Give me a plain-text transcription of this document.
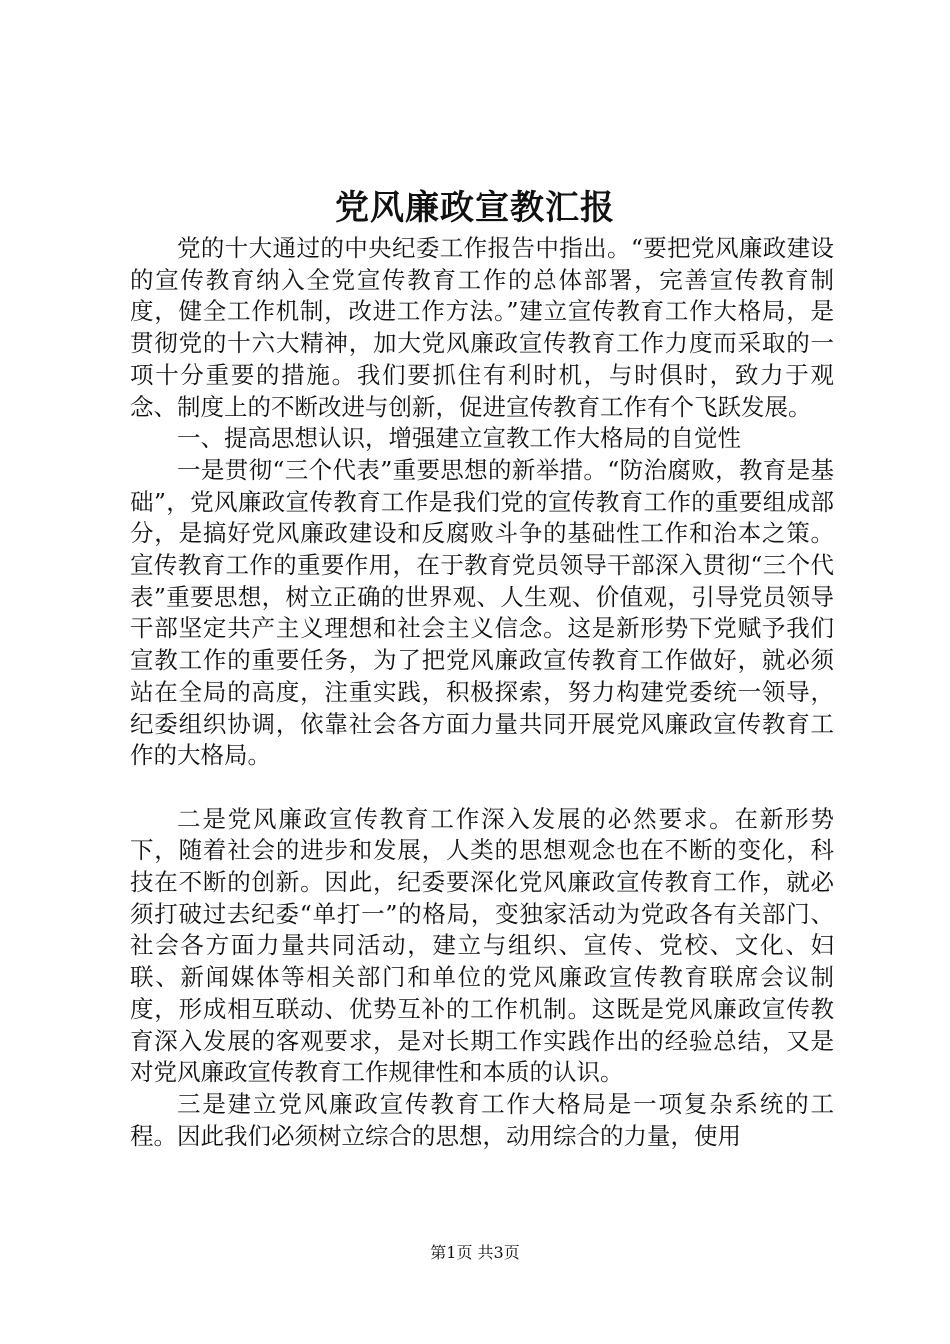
党风廉政宣教汇报

党的十大通过的中央纪委工作报告中指出。“要把党风廉政建设的宣传教育纳入全党宣传教育工作的总体部署，完善宣传教育制度，健全工作机制，改进工作方法。”建立宣传教育工作大格局，是贯彻党的十六大精神，加大党风廉政宣传教育工作力度而采取的一项十分重要的措施。我们要抓住有利时机，与时俱时，致力于观念、制度上的不断改进与创新，促进宣传教育工作有个飞跃发展。

一、提高思想认识，增强建立宣教工作大格局的自觉性

一是贯彻“三个代表”重要思想的新举措。“防治腐败，教育是基础”，党风廉政宣传教育工作是我们党的宣传教育工作的重要组成部分，是搞好党风廉政建设和反腐败斗争的基础性工作和治本之策。宣传教育工作的重要作用，在于教育党员领导干部深入贯彻“三个代表”重要思想，树立正确的世界观、人生观、价值观，引导党员领导干部坚定共产主义理想和社会主义信念。这是新形势下党赋予我们宣教工作的重要任务，为了把党风廉政宣传教育工作做好，就必须站在全局的高度，注重实践，积极探索，努力构建党委统一领导，纪委组织协调，依靠社会各方面力量共同开展党风廉政宣传教育工作的大格局。

二是党风廉政宣传教育工作深入发展的必然要求。在新形势下，随着社会的进步和发展，人类的思想观念也在不断的变化，科技在不断的创新。因此，纪委要深化党风廉政宣传教育工作，就必须打破过去纪委“单打一”的格局，变独家活动为党政各有关部门、社会各方面力量共同活动，建立与组织、宣传、党校、文化、妇联、新闻媒体等相关部门和单位的党风廉政宣传教育联席会议制度，形成相互联动、优势互补的工作机制。这既是党风廉政宣传教育深入发展的客观要求，是对长期工作实践作出的经验总结，又是对党风廉政宣传教育工作规律性和本质的认识。

三是建立党风廉政宣传教育工作大格局是一项复杂系统的工程。因此我们必须树立综合的思想，动用综合的力量，使用

第1页 共3页
